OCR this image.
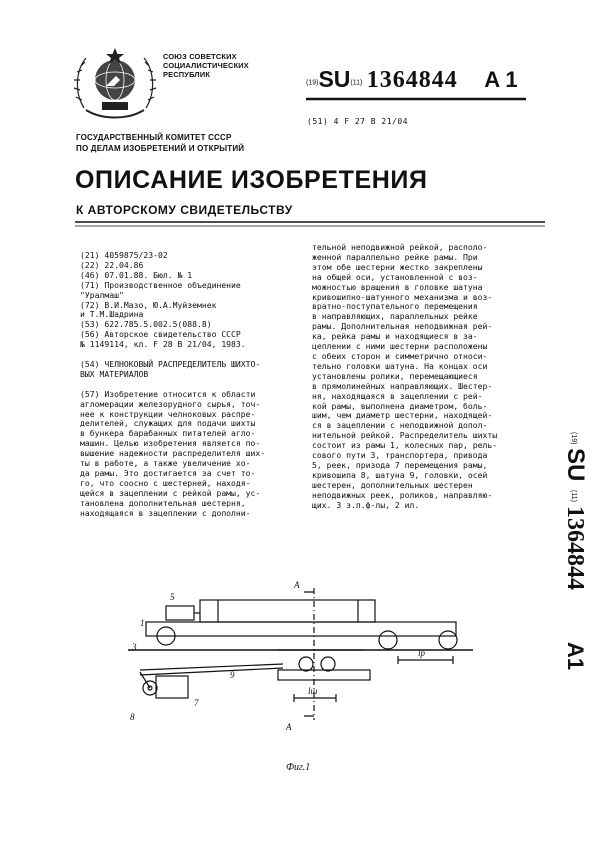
СОЮЗ СОВЕТСКИХ
СОЦИАЛИСТИЧЕСКИХ
РЕСПУБЛИК
(19)SU(11) 1364844 A 1
(51) 4 F 27 B 21/04
ГОСУДАРСТВЕННЫЙ КОМИТЕТ СССР
ПО ДЕЛАМ ИЗОБРЕТЕНИЙ И ОТКРЫТИЙ
ОПИСАНИЕ ИЗОБРЕТЕНИЯ
К АВТОРСКОМУ СВИДЕТЕЛЬСТВУ
(21) 4059875/23-02
(22) 22.04.86
(46) 07.01.88. Бюл. № 1
(71) Производственное объединение
"Уралмаш"
(72) В.И.Мазо, Ю.А.Муйземнек
и Т.М.Шадрина
(53) 622.785.5.002.5(088.8)
(56) Авторское свидетельство СССР
№ 1149114, кл. F 28 B 21/04, 1983.

(54) ЧЕЛНОКОВЫЙ РАСПРЕДЕЛИТЕЛЬ ШИХТО-
ВЫХ МАТЕРИАЛОВ

(57) Изобретение относится к области
агломерации железорудного сырья, точ-
нее к конструкции челноковых распре-
делителей, служащих для подачи шихты
в бункера барабанных питателей агло-
машин. Целью изобретения является по-
вышение надежности распределителя ших-
ты в работе, а также увеличение хо-
да рамы. Это достигается за счет то-
го, что соосно с шестерней, находя-
щейся в зацеплении с рейкой рамы, ус-
тановлена дополнительная шестерня,
находящаяся в зацеплении с дополни-
тельной неподвижной рейкой, располо-
женной параллельно рейке рамы. При
этом обе шестерни жестко закреплены
на общей оси, установленной с воз-
можностью вращения в головке шатуна
кривошипно-шатунного механизма и воз-
вратно-поступательного перемещения
в направляющих, параллельных рейке
рамы. Дополнительная неподвижная рей-
ка, рейка рамы и находящиеся в за-
цеплении с ними шестерни расположены
с обеих сторон и симметрично относи-
тельно головки шатуна. На концах оси
установлены ролики, перемещающиеся
в прямолинейных направляющих. Шестер-
ня, находящаяся в зацеплении с рей-
кой рамы, выполнена диаметром, боль-
шим, чем диаметр шестерни, находящей-
ся в зацеплении с неподвижной допол-
нительной рейкой. Распределитель шихты
состоит из рамы 1, колесных пар, рель-
сового пути 3, транспортера, привода
5, реек, призода 7 перемещения рамы,
кривошипа 8, шатуна 9, головки, осей
шестерен, дополнительных шестерен
неподвижных реек, роликов, направляю-
щих. 3 з.п.ф-лы, 2 ил.
(19)
SU
(11)
1364844
A1
A
A
1
3
5
7
8
9
lр
lш
Фиг.1
